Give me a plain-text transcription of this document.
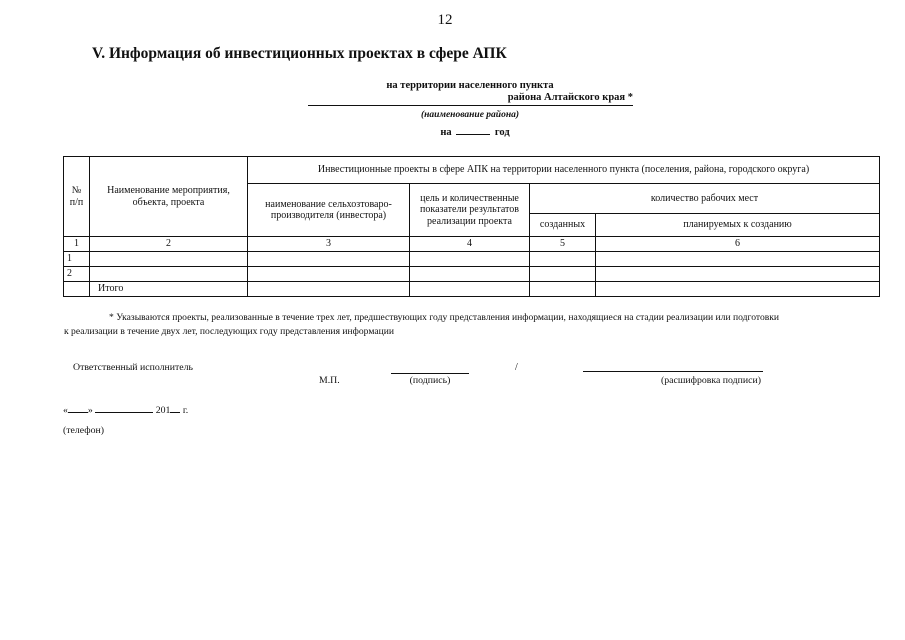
12
V. Информация об инвестиционных проектах в сфере АПК
на территории населенного пункта
района Алтайского края *
(наименование района)
на	год
№ п/п	Наименование мероприятия, объекта, проекта	Инвестиционные проекты в сфере АПК на территории населенного пункта (поселения, района, городского округа)			
		наименование сельхозтоваро-производителя (инвестора)	цель и количественные показатели результатов реализации проекта	количество рабочих мест	
				созданных	планируемых к созданию
1	2	3	4	5	6
1					
2					
	Итого				
* Указываются проекты, реализованные в течение трех лет, предшествующих году представления информации, находящиеся на стадии реализации или подготовки
к реализации в течение двух лет, последующих году представления информации
Ответственный исполнитель
М.П.	(подпись)
/
(расшифровка подписи)
« »	201 г.
(телефон)
